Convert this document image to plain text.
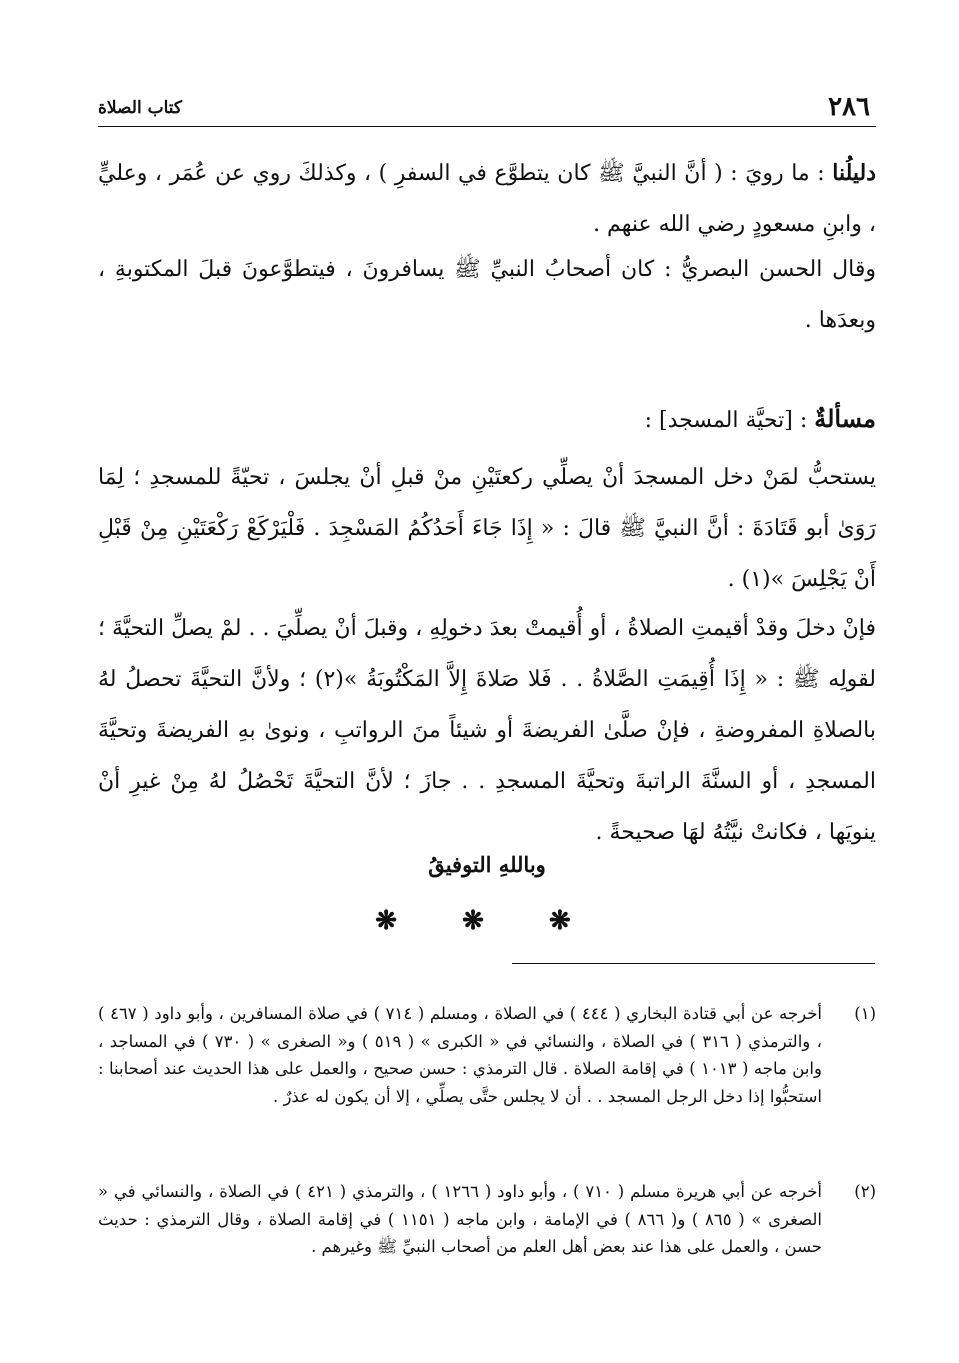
٢٨٦
كتاب الصلاة

دليلُنا : ما رويَ : ( أنَّ النبيَّ ﷺ كان يتطوَّع في السفرِ ) ، وكذلكَ روي عن عُمَر ، وعليٍّ ، وابنِ مسعودٍ رضي الله عنهم .

وقال الحسن البصريُّ : كان أصحابُ النبيِّ ﷺ يسافرونَ ، فيتطوَّعونَ قبلَ المكتوبةِ ، وبعدَها .

مسألةٌ : [تحيَّة المسجد] :

يستحبُّ لمَنْ دخل المسجدَ أنْ يصلِّي ركعتَيْنِ منْ قبلِ أنْ يجلسَ ، تحيّةً للمسجدِ ؛ لِمَا رَوَىٰ أبو قَتَادَةَ : أنَّ النبيَّ ﷺ قالَ : « إِذَا جَاءَ أَحَدُكُمُ المَسْجِدَ . فَلْيَرْكَعْ رَكْعَتَيْنِ مِنْ قَبْلِ أَنْ يَجْلِسَ »(١) .

فإنْ دخلَ وقدْ أقيمتِ الصلاةُ ، أو أُقيمتْ بعدَ دخولِهِ ، وقبلَ أنْ يصلِّيَ . . لمْ يصلِّ التحيَّةَ ؛ لقولِه ﷺ : « إِذَا أُقِيمَتِ الصَّلاةُ . . فَلا صَلاةَ إِلاَّ المَكْتُوبَةُ »(٢) ؛ ولأنَّ التحيَّةَ تحصلُ لهُ بالصلاةِ المفروضةِ ، فإنْ صلَّىٰ الفريضةَ أو شيئاً منَ الرواتبِ ، ونوىٰ بهِ الفريضةَ وتحيَّةَ المسجدِ ، أو السنَّةَ الراتبةَ وتحيَّةَ المسجدِ . . جازَ ؛ لأنَّ التحيَّةَ تَحْصُلُ لهُ مِنْ غيرِ أنْ ينويَها ، فكانتْ نيَّتُهُ لهَا صحيحةً .

وباللهِ التوفيقُ
❋ ❋ ❋
(١)
أخرجه عن أبي قتادة البخاري ( ٤٤٤ ) في الصلاة ، ومسلم ( ٧١٤ ) في صلاة المسافرين ، وأبو داود ( ٤٦٧ ) ، والترمذي ( ٣١٦ ) في الصلاة ، والنسائي في « الكبرى » ( ٥١٩ ) و« الصغرى » ( ٧٣٠ ) في المساجد ، وابن ماجه ( ١٠١٣ ) في إقامة الصلاة . قال الترمذي : حسن صحيح ، والعمل على هذا الحديث عند أصحابنا : استحبُّوا إذا دخل الرجل المسجد . . أن لا يجلس حتَّى يصلِّي ، إلا أن يكون له عذرٌ .
(٢)
أخرجه عن أبي هريرة مسلم ( ٧١٠ ) ، وأبو داود ( ١٢٦٦ ) ، والترمذي ( ٤٢١ ) في الصلاة ، والنسائي في « الصغرى » ( ٨٦٥ ) و( ٨٦٦ ) في الإمامة ، وابن ماجه ( ١١٥١ ) في إقامة الصلاة ، وقال الترمذي : حديث حسن ، والعمل على هذا عند بعض أهل العلم من أصحاب النبيِّ ﷺ وغيرهم .
